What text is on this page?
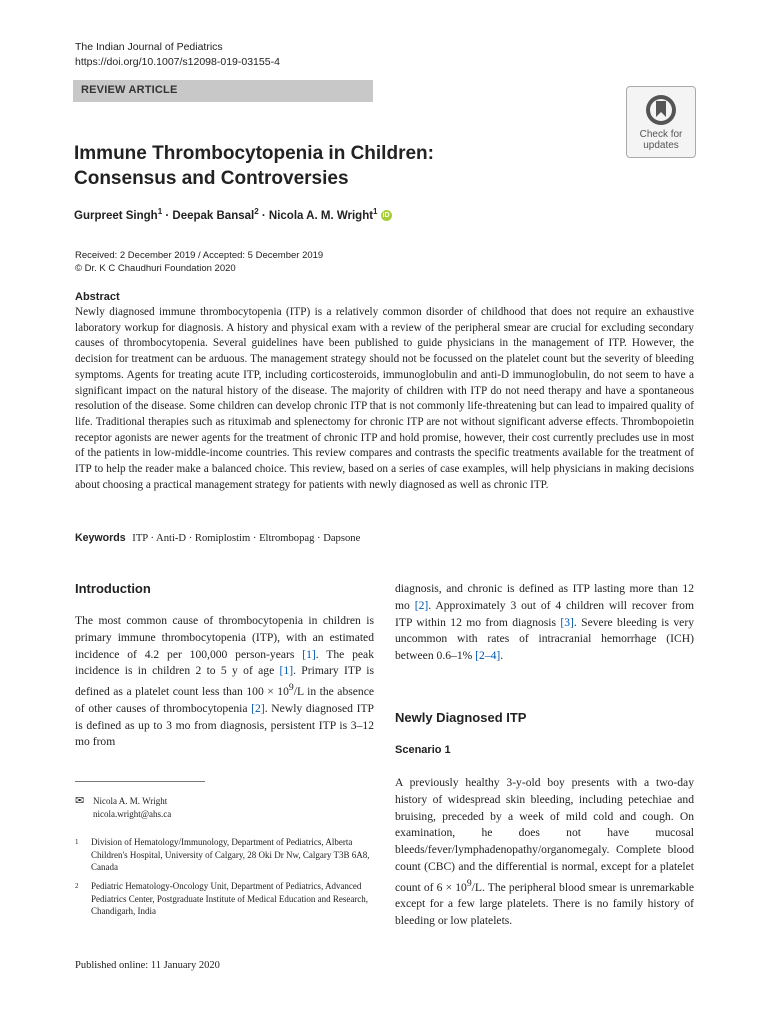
The Indian Journal of Pediatrics
https://doi.org/10.1007/s12098-019-03155-4
REVIEW ARTICLE
Check for
updates
Immune Thrombocytopenia in Children:
Consensus and Controversies
Gurpreet Singh$^1$ · Deepak Bansal$^2$ · Nicola A. M. Wright$^1$ iD
Received: 2 December 2019 / Accepted: 5 December 2019
© Dr. K C Chaudhuri Foundation 2020
Abstract
Newly diagnosed immune thrombocytopenia (ITP) is a relatively common disorder of childhood that does not require an exhaustive laboratory workup for diagnosis. A history and physical exam with a review of the peripheral smear are crucial for excluding secondary causes of thrombocytopenia. Several guidelines have been published to guide physicians in the management of ITP. However, the decision for treatment can be arduous. The management strategy should not be focussed on the platelet count but the severity of bleeding symptoms. Agents for treating acute ITP, including corticosteroids, immunoglobulin and anti-D immunoglobulin, do not seem to have a significant impact on the natural history of the disease. The majority of children with ITP do not need therapy and have a spontaneous resolution of the disease. Some children can develop chronic ITP that is not commonly life-threatening but can lead to impaired quality of life. Traditional therapies such as rituximab and splenectomy for chronic ITP are not without significant adverse effects. Thrombopoietin receptor agonists are newer agents for the treatment of chronic ITP and hold promise, however, their cost currently precludes use in most of the patients in low-middle-income countries. This review compares and contrasts the specific treatments available for the treatment of ITP to help the reader make a balanced choice. This review, based on a series of case examples, will help physicians in making decisions about choosing a practical management strategy for patients with newly diagnosed as well as chronic ITP.
Keywords ITP · Anti-D · Romiplostim · Eltrombopag · Dapsone
Introduction
The most common cause of thrombocytopenia in children is primary immune thrombocytopenia (ITP), with an estimated incidence of 4.2 per 100,000 person-years [1]. The peak incidence is in children 2 to 5 y of age [1]. Primary ITP is defined as a platelet count less than $100 \times 10^9/L$ in the absence of other causes of thrombocytopenia [2]. Newly diagnosed ITP is defined as up to 3 mo from diagnosis, persistent ITP is 3–12 mo from
✉ Nicola A. M. Wright
nicola.wright@ahs.ca
1 Division of Hematology/Immunology, Department of Pediatrics, Alberta Children's Hospital, University of Calgary, 28 Oki Dr Nw, Calgary T3B 6A8, Canada
2 Pediatric Hematology-Oncology Unit, Department of Pediatrics, Advanced Pediatrics Center, Postgraduate Institute of Medical Education and Research, Chandigarh, India
Published online: 11 January 2020
diagnosis, and chronic is defined as ITP lasting more than 12 mo [2]. Approximately 3 out of 4 children will recover from ITP within 12 mo from diagnosis [3]. Severe bleeding is very uncommon with rates of intracranial hemorrhage (ICH) between 0.6–1% [2–4].
Newly Diagnosed ITP
Scenario 1
A previously healthy 3-y-old boy presents with a two-day history of widespread skin bleeding, including petechiae and bruising, preceded by a week of mild cold and cough. On examination, he does not have mucosal bleeds/fever/lymphadenopathy/organomegaly. Complete blood count (CBC) and the differential is normal, except for a platelet count of $6 \times 10^9/L$. The peripheral blood smear is unremarkable except for a few large platelets. There is no family history of bleeding or low platelets.
